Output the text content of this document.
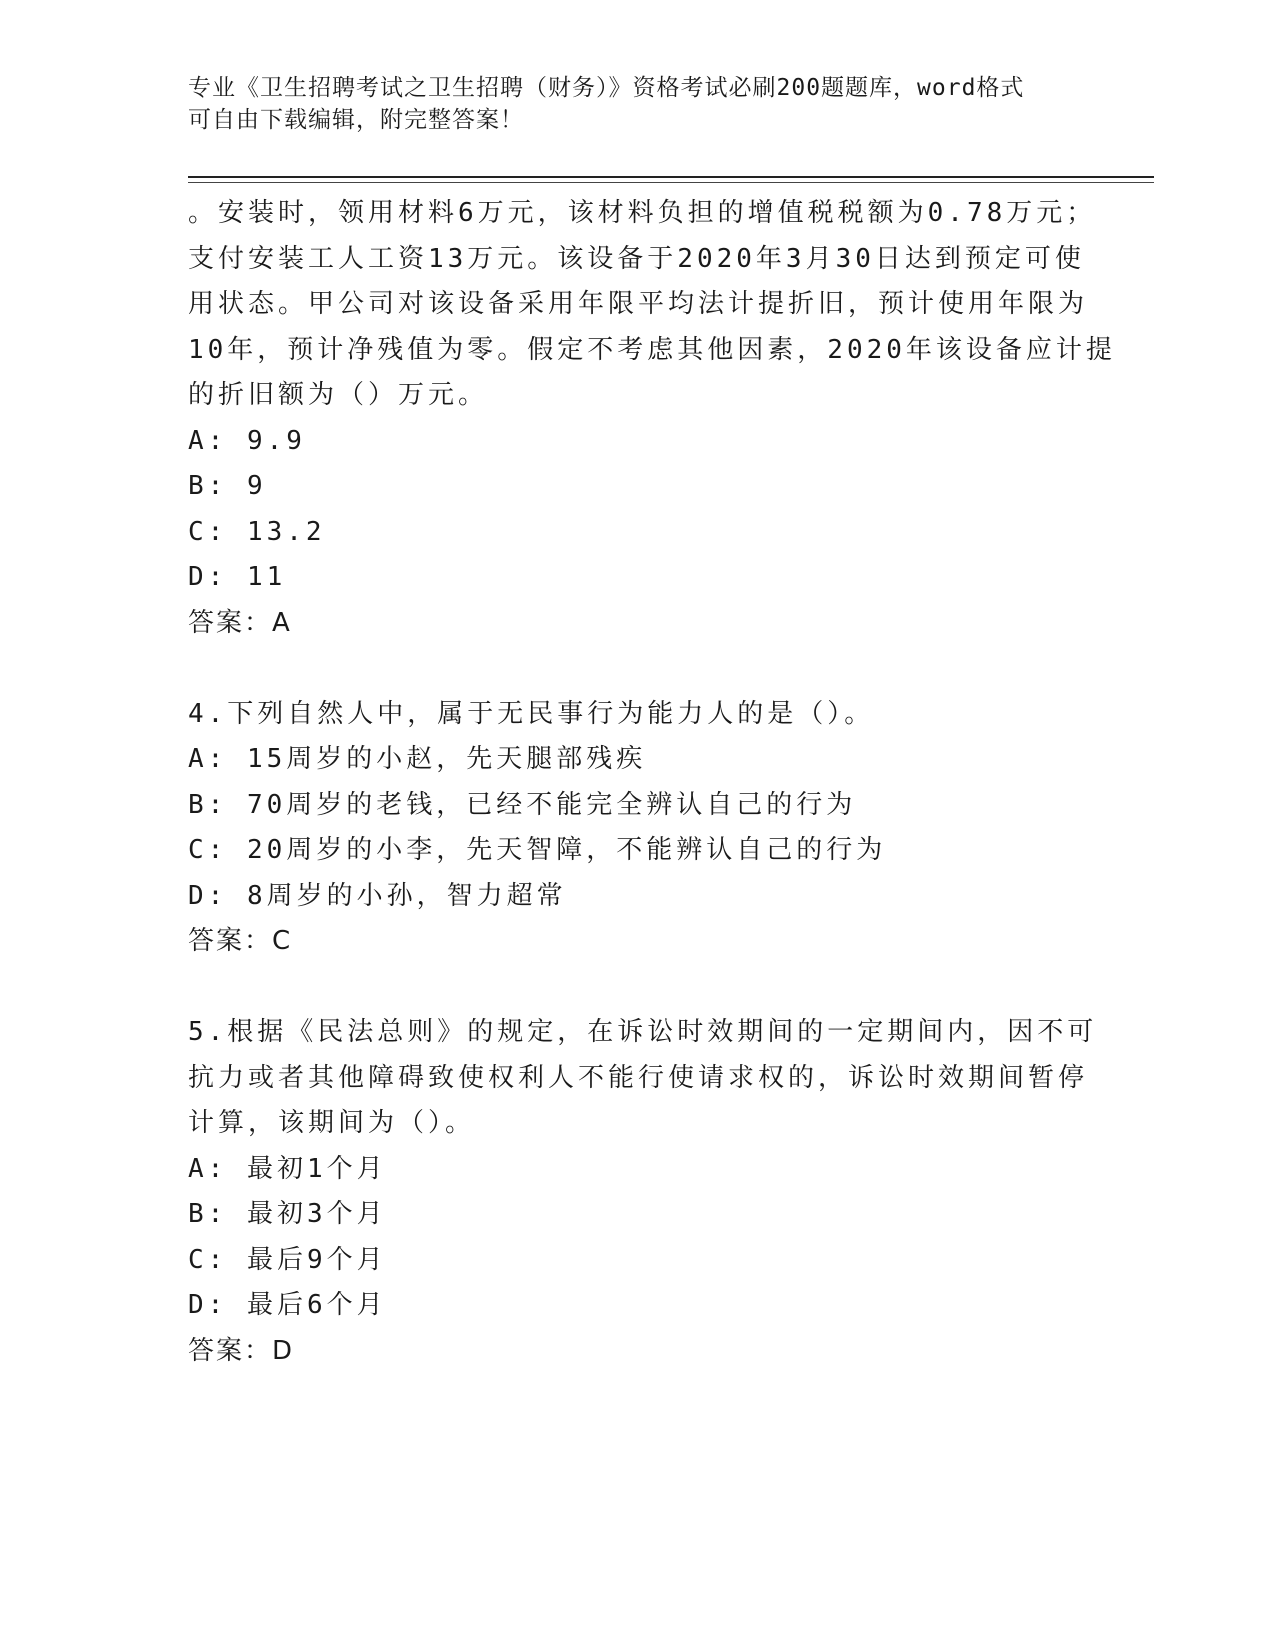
专业《卫生招聘考试之卫生招聘（财务）》资格考试必刷200题题库，word格式
可自由下载编辑，附完整答案！
。安装时，领用材料6万元，该材料负担的增值税税额为0.78万元；
支付安装工人工资13万元。该设备于2020年3月30日达到预定可使
用状态。甲公司对该设备采用年限平均法计提折旧，预计使用年限为
10年，预计净残值为零。假定不考虑其他因素，2020年该设备应计提
的折旧额为（）万元。
A: 9.9
B: 9
C: 13.2
D: 11
答案：A
4.下列自然人中，属于无民事行为能力人的是（）。
A: 15周岁的小赵，先天腿部残疾
B: 70周岁的老钱，已经不能完全辨认自己的行为
C: 20周岁的小李，先天智障，不能辨认自己的行为
D: 8周岁的小孙，智力超常
答案：C
5.根据《民法总则》的规定，在诉讼时效期间的一定期间内，因不可
抗力或者其他障碍致使权利人不能行使请求权的，诉讼时效期间暂停
计算，该期间为（）。
A: 最初1个月
B: 最初3个月
C: 最后9个月
D: 最后6个月
答案：D
